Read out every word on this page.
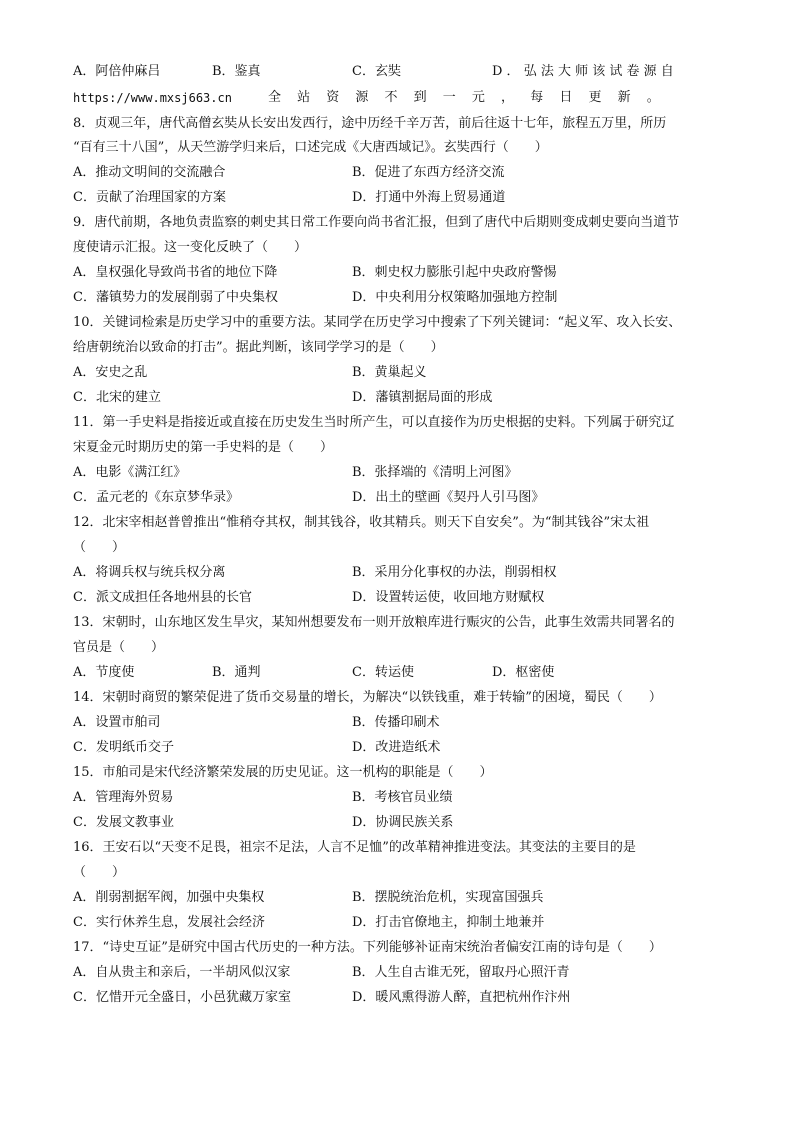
A．阿倍仲麻吕	B．鉴真	C．玄奘	D ． 弘 法 大 师 该 试 卷 源 自
https://www.mxsj663.cn	全 站 资 源 不 到 一 元 ， 每 日 更 新 。
8．贞观三年，唐代高僧玄奘从长安出发西行，途中历经千辛万苦，前后往返十七年，旅程五万里，所历
“百有三十八国”，从天竺游学归来后，口述完成《大唐西域记》。玄奘西行（　　）
A．推动文明间的交流融合	B．促进了东西方经济交流
C．贡献了治理国家的方案	D．打通中外海上贸易通道
9．唐代前期，各地负责监察的刺史其日常工作要向尚书省汇报，但到了唐代中后期则变成刺史要向当道节
度使请示汇报。这一变化反映了（　　）
A．皇权强化导致尚书省的地位下降	B．刺史权力膨胀引起中央政府警惕
C．藩镇势力的发展削弱了中央集权	D．中央利用分权策略加强地方控制
10．关键词检索是历史学习中的重要方法。某同学在历史学习中搜索了下列关键词：“起义军、攻入长安、
给唐朝统治以致命的打击”。据此判断，该同学学习的是（　　）
A．安史之乱	B．黄巢起义
C．北宋的建立	D．藩镇割据局面的形成
11．第一手史料是指接近或直接在历史发生当时所产生，可以直接作为历史根据的史料。下列属于研究辽
宋夏金元时期历史的第一手史料的是（　　）
A．电影《满江红》	B．张择端的《清明上河图》
C．孟元老的《东京梦华录》	D．出土的壁画《契丹人引马图》
12．北宋宰相赵普曾推出“惟稍夺其权，制其钱谷，收其精兵。则天下自安矣”。为“制其钱谷”宋太祖
（　　）
A．将调兵权与统兵权分离	B．采用分化事权的办法，削弱相权
C．派文成担任各地州县的长官	D．设置转运使，收回地方财赋权
13．宋朝时，山东地区发生旱灾，某知州想要发布一则开放粮库进行赈灾的公告，此事生效需共同署名的
官员是（　　）
A．节度使	B．通判	C．转运使	D．枢密使
14．宋朝时商贸的繁荣促进了货币交易量的增长，为解决“以铁钱重，难于转输”的困境，蜀民（　　）
A．设置市舶司	B．传播印刷术
C．发明纸币交子	D．改进造纸术
15．市舶司是宋代经济繁荣发展的历史见证。这一机构的职能是（　　）
A．管理海外贸易	B．考核官员业绩
C．发展文教事业	D．协调民族关系
16．王安石以“天变不足畏，祖宗不足法，人言不足恤”的改革精神推进变法。其变法的主要目的是
（　　）
A．削弱割据军阀，加强中央集权	B．摆脱统治危机，实现富国强兵
C．实行休养生息，发展社会经济	D．打击官僚地主，抑制土地兼并
17．“诗史互证”是研究中国古代历史的一种方法。下列能够补证南宋统治者偏安江南的诗句是（　　）
A．自从贵主和亲后，一半胡风似汉家	B．人生自古谁无死，留取丹心照汗青
C．忆惜开元全盛日，小邑犹藏万家室	D．暖风熏得游人醉，直把杭州作汴州
